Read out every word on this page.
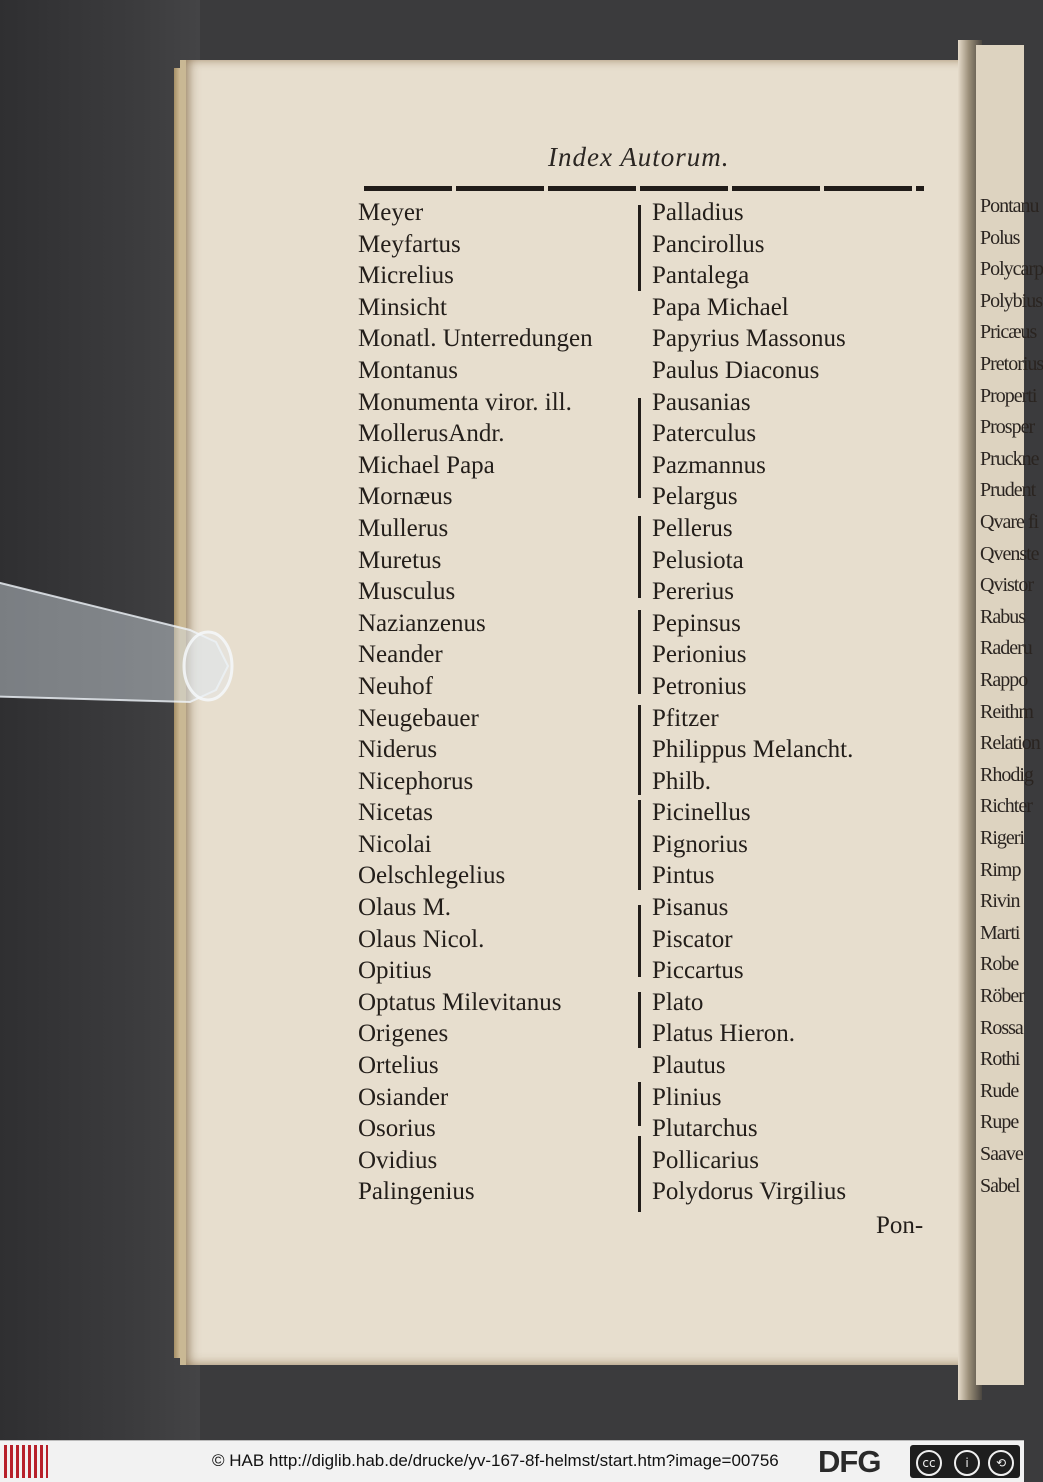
Pontanu
Polus
Polycarp
Polybius
Pricæus
Pretorius
Properti
Prosper
Pruckne
Prudent
Qvare fi
Qvenste
Qvistor
Rabus
Raderu
Rappo
Reithm
Relation
Rhodig
Richter
Rigeri
Rimp
Rivin
Marti
Robe
Röber
Rossa
Rothi
Rude
Rupe
Saave
Sabel
Index Autorum.
Meyer
Meyfartus
Micrelius
Minsicht
Monatl. Unterredungen
Montanus
Monumenta viror. ill.
MollerusAndr.
Michael Papa
Mornæus
Mullerus
Muretus
Musculus
Nazianzenus
Neander
Neuhof
Neugebauer
Niderus
Nicephorus
Nicetas
Nicolai
Oelschlegelius
Olaus M.
Olaus Nicol.
Opitius
Optatus Milevitanus
Origenes
Ortelius
Osiander
Osorius
Ovidius
Palingenius
Palladius
Pancirollus
Pantalega
Papa Michael
Papyrius Massonus
Paulus Diaconus
Pausanias
Paterculus
Pazmannus
Pelargus
Pellerus
Pelusiota
Pererius
Pepinsus
Perionius
Petronius
Pfitzer
Philippus Melancht.
Philb.
Picinellus
Pignorius
Pintus
Pisanus
Piscator
Piccartus
Plato
Platus Hieron.
Plautus
Plinius
Plutarchus
Pollicarius
Polydorus Virgilius
Pon-
© HAB http://diglib.hab.de/drucke/yv-167-8f-helmst/start.htm?image=00756 DFG	cc	i	⟲
